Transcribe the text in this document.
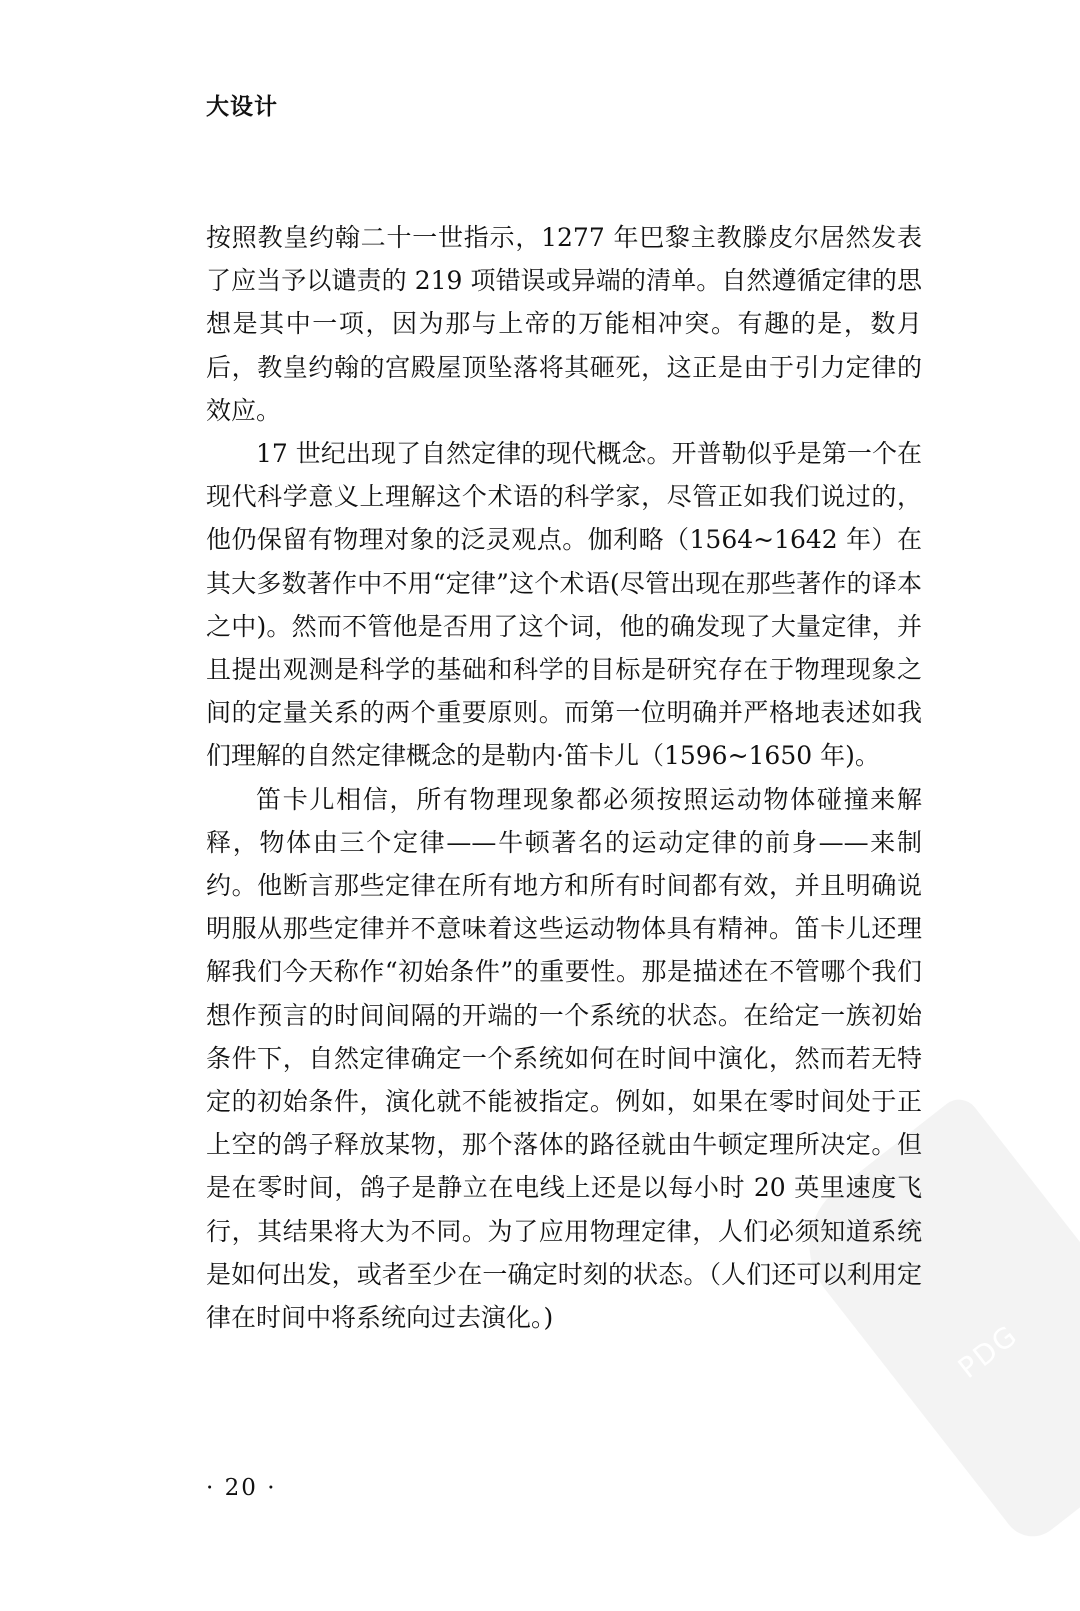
PDG
大设计

按照教皇约翰二十一世指示，1277 年巴黎主教滕皮尔居然发表了应当予以谴责的 219 项错误或异端的清单。自然遵循定律的思想是其中一项，因为那与上帝的万能相冲突。有趣的是，数月后，教皇约翰的宫殿屋顶坠落将其砸死，这正是由于引力定律的效应。

17 世纪出现了自然定律的现代概念。开普勒似乎是第一个在现代科学意义上理解这个术语的科学家，尽管正如我们说过的，他仍保留有物理对象的泛灵观点。伽利略（1564~1642 年）在其大多数著作中不用“定律”这个术语(尽管出现在那些著作的译本之中)。然而不管他是否用了这个词，他的确发现了大量定律，并且提出观测是科学的基础和科学的目标是研究存在于物理现象之间的定量关系的两个重要原则。而第一位明确并严格地表述如我们理解的自然定律概念的是勒内·笛卡儿（1596~1650 年)。

笛卡儿相信，所有物理现象都必须按照运动物体碰撞来解释，物体由三个定律——牛顿著名的运动定律的前身——来制约。他断言那些定律在所有地方和所有时间都有效，并且明确说明服从那些定律并不意味着这些运动物体具有精神。笛卡儿还理解我们今天称作“初始条件”的重要性。那是描述在不管哪个我们想作预言的时间间隔的开端的一个系统的状态。在给定一族初始条件下，自然定律确定一个系统如何在时间中演化，然而若无特定的初始条件，演化就不能被指定。例如，如果在零时间处于正上空的鸽子释放某物，那个落体的路径就由牛顿定理所决定。但是在零时间，鸽子是静立在电线上还是以每小时 20 英里速度飞行，其结果将大为不同。为了应用物理定律，人们必须知道系统是如何出发，或者至少在一确定时刻的状态。（人们还可以利用定律在时间中将系统向过去演化。)

· 20 ·
